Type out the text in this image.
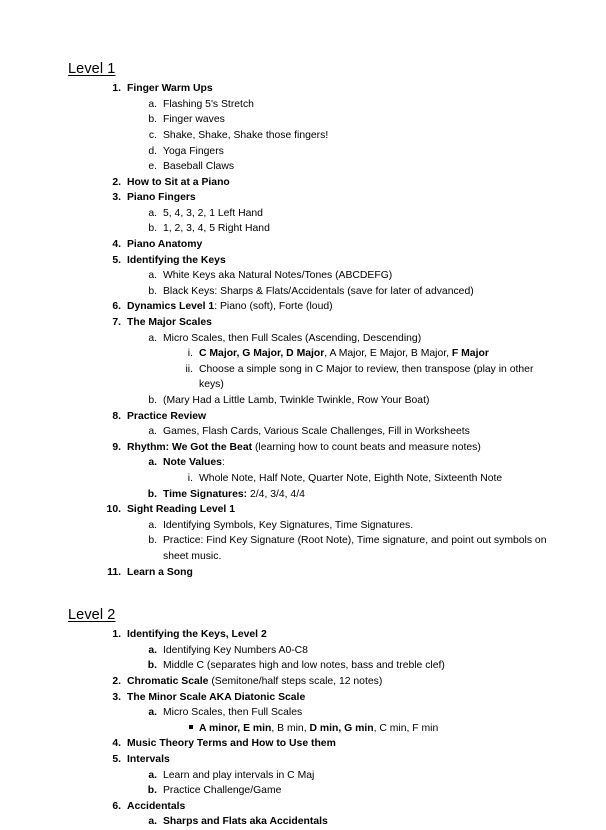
Level 1
1. Finger Warm Ups
a. Flashing 5's Stretch
b. Finger waves
c. Shake, Shake, Shake those fingers!
d. Yoga Fingers
e. Baseball Claws
2. How to Sit at a Piano
3. Piano Fingers
a. 5, 4, 3, 2, 1 Left Hand
b. 1, 2, 3, 4, 5 Right Hand
4. Piano Anatomy
5. Identifying the Keys
a. White Keys aka Natural Notes/Tones (ABCDEFG)
b. Black Keys: Sharps & Flats/Accidentals (save for later of advanced)
6. Dynamics Level 1: Piano (soft), Forte (loud)
7. The Major Scales
a. Micro Scales, then Full Scales (Ascending, Descending)
i. C Major, G Major, D Major, A Major, E Major, B Major, F Major
ii. Choose a simple song in C Major to review, then transpose (play in other keys)
b. (Mary Had a Little Lamb, Twinkle Twinkle, Row Your Boat)
8. Practice Review
a. Games, Flash Cards, Various Scale Challenges, Fill in Worksheets
9. Rhythm: We Got the Beat (learning how to count beats and measure notes)
a. Note Values:
i. Whole Note, Half Note, Quarter Note, Eighth Note, Sixteenth Note
b. Time Signatures: 2/4, 3/4, 4/4
10. Sight Reading Level 1
a. Identifying Symbols, Key Signatures, Time Signatures.
b. Practice: Find Key Signature (Root Note), Time signature, and point out symbols on sheet music.
11. Learn a Song
Level 2
1. Identifying the Keys, Level 2
a. Identifying Key Numbers A0-C8
b. Middle C (separates high and low notes, bass and treble clef)
2. Chromatic Scale (Semitone/half steps scale, 12 notes)
3. The Minor Scale AKA Diatonic Scale
a. Micro Scales, then Full Scales
A minor, E min, B min, D min, G min, C min, F min
4. Music Theory Terms and How to Use them
5. Intervals
a. Learn and play intervals in C Maj
b. Practice Challenge/Game
6. Accidentals
a. Sharps and Flats aka Accidentals
